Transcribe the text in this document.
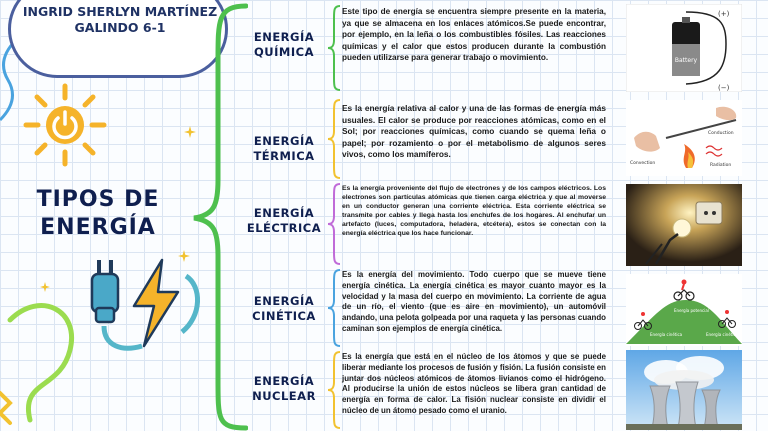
INGRID SHERLYN MARTÍNEZ GALINDO 6-1
TIPOS DE ENERGÍA
ENERGÍA QUÍMICA
ENERGÍA TÉRMICA
ENERGÍA ELÉCTRICA
ENERGÍA CINÉTICA
ENERGÍA NUCLEAR
Este tipo de energía se encuentra siempre presente en la materia, ya que se almacena en los enlaces atómicos.Se puede encontrar, por ejemplo, en la leña o los combustibles fósiles. Las reacciones químicas y el calor que estos producen durante la combustión pueden utilizarse para generar trabajo o movimiento.
Es la energía relativa al calor y una de las formas de energía más usuales. El calor se produce por reacciones atómicas, como en el Sol; por reacciones químicas, como cuando se quema leña o papel; por rozamiento o por el metabolismo de algunos seres vivos, como los mamíferos.
Es la energía proveniente del flujo de electrones y de los campos eléctricos. Los electrones son partículas atómicas que tienen carga eléctrica y que al moverse en un conductor generan una corriente eléctrica. Esta corriente eléctrica se transmite por cables y llega hasta los enchufes de los hogares. Al enchufar un artefacto (luces, computadora, heladera, etcétera), estos se conectan con la energía eléctrica que los hace funcionar.
Es la energía del movimiento. Todo cuerpo que se mueve tiene energía cinética. La energía cinética es mayor cuanto mayor es la velocidad y la masa del cuerpo en movimiento. La corriente de agua de un río, el viento (que es aire en movimiento), un automóvil andando, una pelota golpeada por una raqueta y las personas cuando caminan son ejemplos de energía cinética.
Es la energía que está en el núcleo de los átomos y que se puede liberar mediante los procesos de fusión y fisión. La fusión consiste en juntar dos núcleos atómicos de átomos livianos como el hidrógeno. Al producirse la unión de estos núcleos se libera gran cantidad de energía en forma de calor. La fisión nuclear consiste en dividir el núcleo de un átomo pesado como el uranio.
Battery
(+)
(−)
Conduction
Convection	Radiation
Energía cinética
Energía potencial
Energía cinética
